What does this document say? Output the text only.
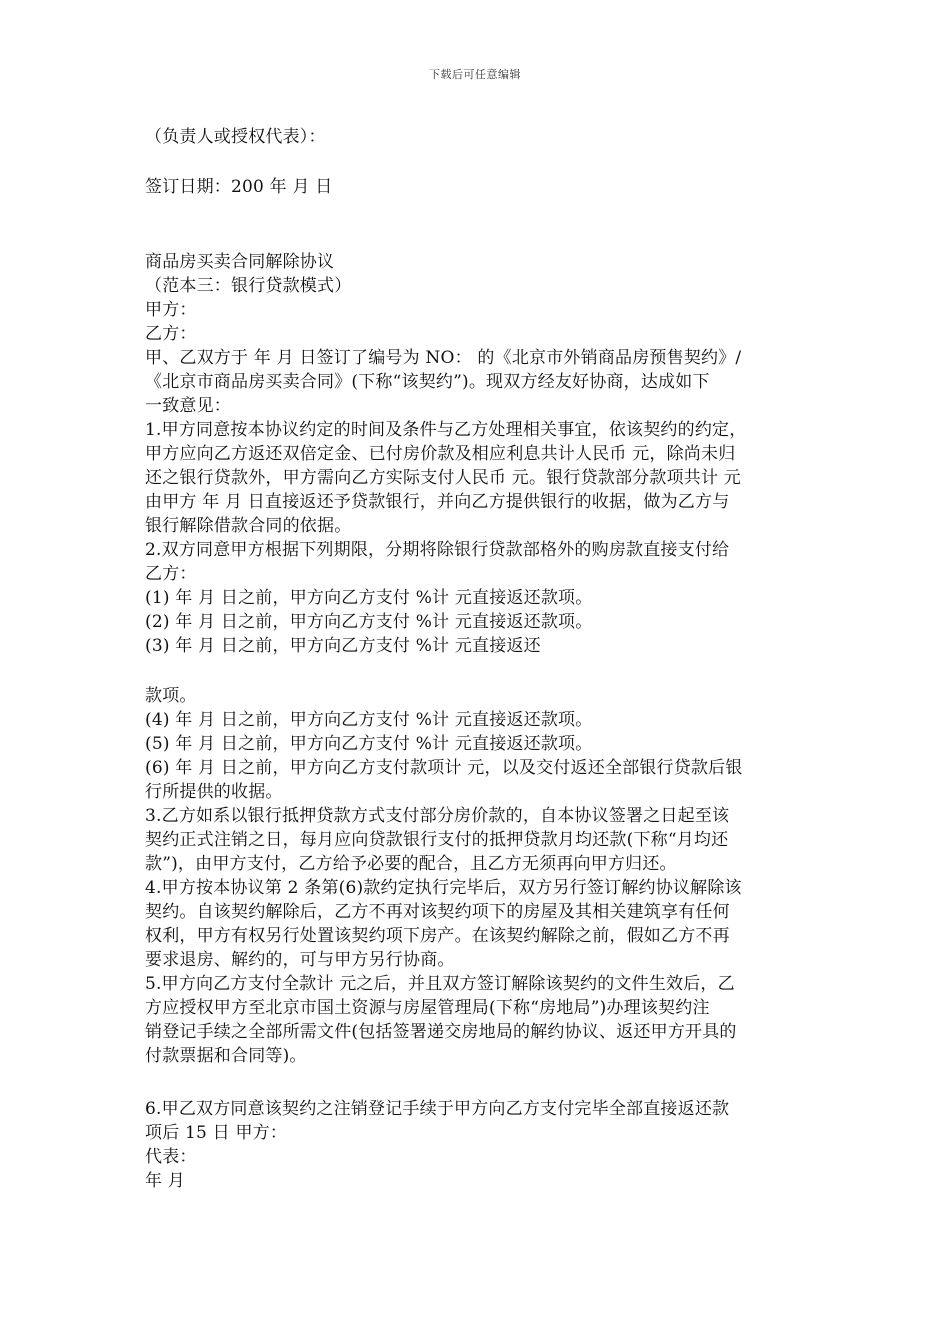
下载后可任意编辑
（负责人或授权代表）：
签订日期：200 年 月 日
商品房买卖合同解除协议
（范本三：银行贷款模式）
甲方：
乙方：
甲、乙双方于 年 月 日签订了编号为 NO： 的《北京市外销商品房预售契约》/
《北京市商品房买卖合同》(下称“该契约”)。现双方经友好协商，达成如下
一致意见：
1.甲方同意按本协议约定的时间及条件与乙方处理相关事宜，依该契约的约定，
甲方应向乙方返还双倍定金、已付房价款及相应利息共计人民币 元，除尚未归
还之银行贷款外，甲方需向乙方实际支付人民币 元。银行贷款部分款项共计 元
由甲方 年 月 日直接返还予贷款银行，并向乙方提供银行的收据，做为乙方与
银行解除借款合同的依据。
2.双方同意甲方根据下列期限，分期将除银行贷款部格外的购房款直接支付给
乙方：
(1) 年 月 日之前，甲方向乙方支付 %计 元直接返还款项。
(2) 年 月 日之前，甲方向乙方支付 %计 元直接返还款项。
(3) 年 月 日之前，甲方向乙方支付 %计 元直接返还
款项。
(4) 年 月 日之前，甲方向乙方支付 %计 元直接返还款项。
(5) 年 月 日之前，甲方向乙方支付 %计 元直接返还款项。
(6) 年 月 日之前，甲方向乙方支付款项计 元，以及交付返还全部银行贷款后银
行所提供的收据。
3.乙方如系以银行抵押贷款方式支付部分房价款的，自本协议签署之日起至该
契约正式注销之日，每月应向贷款银行支付的抵押贷款月均还款(下称“月均还
款”)，由甲方支付，乙方给予必要的配合，且乙方无须再向甲方归还。
4.甲方按本协议第 2 条第(6)款约定执行完毕后，双方另行签订解约协议解除该
契约。自该契约解除后，乙方不再对该契约项下的房屋及其相关建筑享有任何
权利，甲方有权另行处置该契约项下房产。在该契约解除之前，假如乙方不再
要求退房、解约的，可与甲方另行协商。
5.甲方向乙方支付全款计 元之后，并且双方签订解除该契约的文件生效后，乙
方应授权甲方至北京市国土资源与房屋管理局(下称“房地局”)办理该契约注
销登记手续之全部所需文件(包括签署递交房地局的解约协议、返还甲方开具的
付款票据和合同等)。
6.甲乙双方同意该契约之注销登记手续于甲方向乙方支付完毕全部直接返还款
项后 15 日 甲方：
代表：
年 月
